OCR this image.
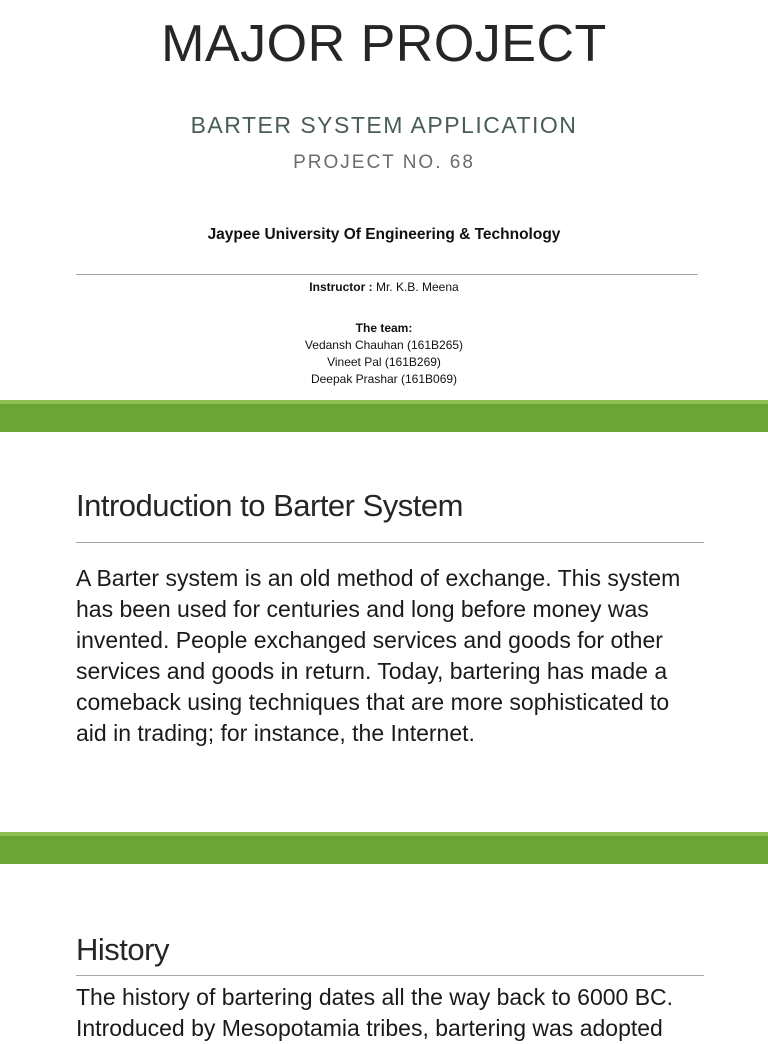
MAJOR PROJECT
BARTER SYSTEM APPLICATION
PROJECT NO. 68
Jaypee University Of Engineering & Technology
Instructor : Mr. K.B. Meena
The team:
Vedansh Chauhan (161B265)
Vineet Pal (161B269)
Deepak Prashar (161B069)
Introduction to Barter System
A Barter system is an old method of exchange. This system has been used for centuries and long before money was invented. People exchanged services and goods for other services and goods in return. Today, bartering has made a comeback using techniques that are more sophisticated to aid in trading; for instance, the Internet.
History
The history of bartering dates all the way back to 6000 BC.
Introduced by Mesopotamia tribes, bartering was adopted
